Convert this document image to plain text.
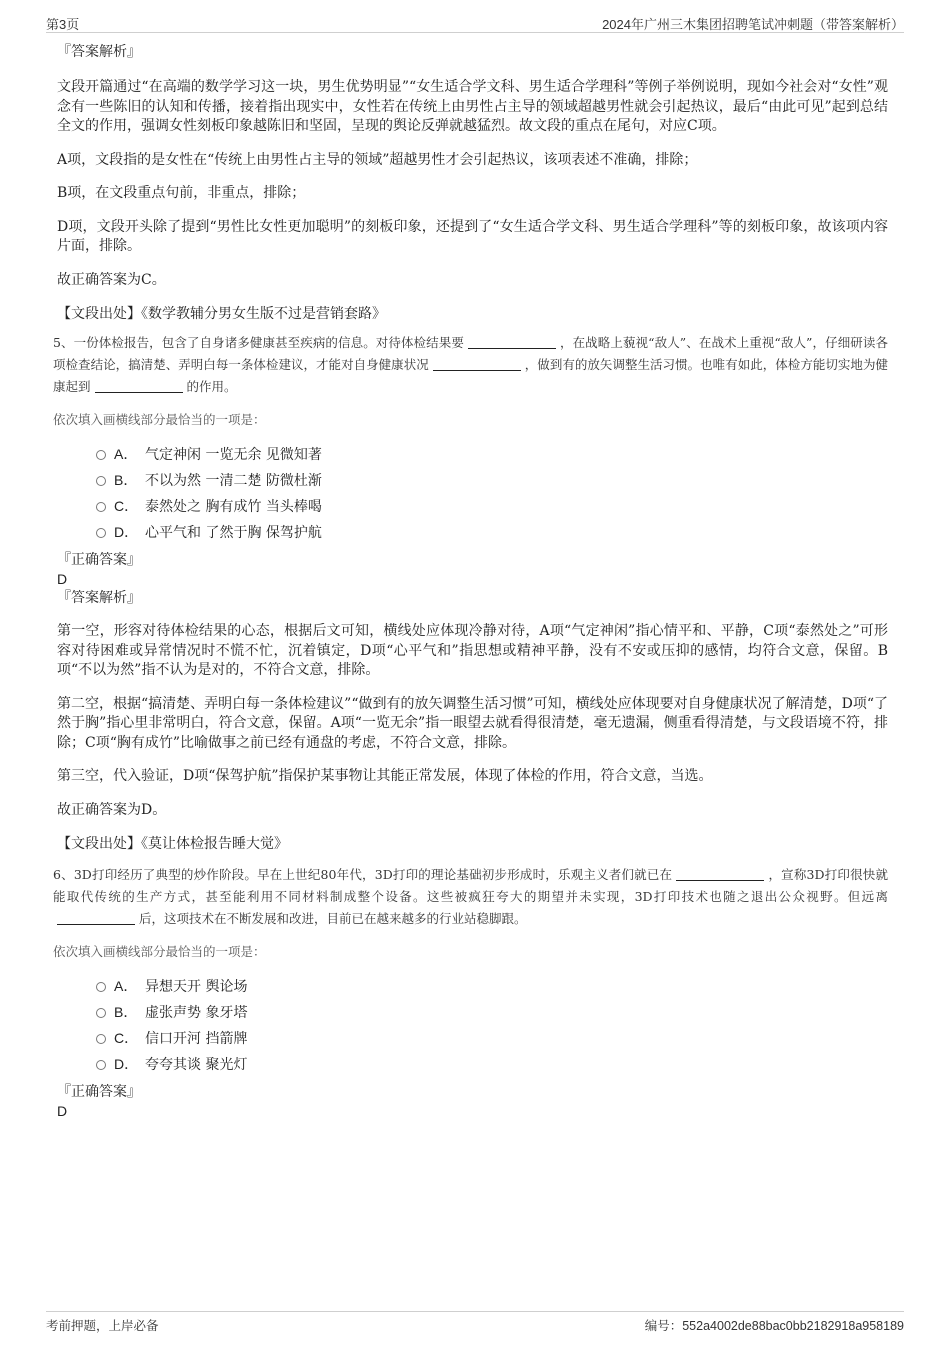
第3页	2024年广州三木集团招聘笔试冲刺题（带答案解析）

『答案解析』

文段开篇通过“在高端的数学学习这一块，男生优势明显”“女生适合学文科、男生适合学理科”等例子举例说明，现如今社会对“女性”观念有一些陈旧的认知和传播，接着指出现实中，女性若在传统上由男性占主导的领域超越男性就会引起热议，最后“由此可见”起到总结全文的作用，强调女性刻板印象越陈旧和坚固，呈现的舆论反弹就越猛烈。故文段的重点在尾句，对应C项。

A项，文段指的是女性在“传统上由男性占主导的领域”超越男性才会引起热议，该项表述不准确，排除；

B项，在文段重点句前，非重点，排除；

D项，文段开头除了提到“男性比女性更加聪明”的刻板印象，还提到了“女生适合学文科、男生适合学理科”等的刻板印象，故该项内容片面，排除。

故正确答案为C。

【文段出处】《数学教辅分男女生版不过是营销套路》

5、一份体检报告，包含了自身诸多健康甚至疾病的信息。对待体检结果要	，在战略上藐视“敌人”、在战术上重视“敌人”，仔细研读各项检查结论，搞清楚、弄明白每一条体检建议，才能对自身健康状况	，做到有的放矢调整生活习惯。也唯有如此，体检方能切实地为健康起到	的作用。

依次填入画横线部分最恰当的一项是：

A． 气定神闲 一览无余 见微知著
B． 不以为然 一清二楚 防微杜渐
C． 泰然处之 胸有成竹 当头棒喝
D． 心平气和 了然于胸 保驾护航

『正确答案』

D

『答案解析』

第一空，形容对待体检结果的心态，根据后文可知，横线处应体现冷静对待，A项“气定神闲”指心情平和、平静，C项“泰然处之”可形容对待困难或异常情况时不慌不忙，沉着镇定，D项“心平气和”指思想或精神平静，没有不安或压抑的感情，均符合文意，保留。B项“不以为然”指不认为是对的，不符合文意，排除。

第二空，根据“搞清楚、弄明白每一条体检建议”“做到有的放矢调整生活习惯”可知，横线处应体现要对自身健康状况了解清楚，D项“了然于胸”指心里非常明白，符合文意，保留。A项“一览无余”指一眼望去就看得很清楚，毫无遗漏，侧重看得清楚，与文段语境不符，排除；C项“胸有成竹”比喻做事之前已经有通盘的考虑，不符合文意，排除。

第三空，代入验证，D项“保驾护航”指保护某事物让其能正常发展，体现了体检的作用，符合文意，当选。

故正确答案为D。

【文段出处】《莫让体检报告睡大觉》

6、3D打印经历了典型的炒作阶段。早在上世纪80年代，3D打印的理论基础初步形成时，乐观主义者们就已在	，宣称3D打印很快就能取代传统的生产方式，甚至能利用不同材料制成整个设备。这些被疯狂夸大的期望并未实现，3D打印技术也随之退出公众视野。但远离后，这项技术在不断发展和改进，目前已在越来越多的行业站稳脚跟。

依次填入画横线部分最恰当的一项是：

A． 异想天开 舆论场
B． 虚张声势 象牙塔
C． 信口开河 挡箭牌
D． 夸夸其谈 聚光灯

『正确答案』

D

考前押题，上岸必备	编号：552a4002de88bac0bb2182918a958189
